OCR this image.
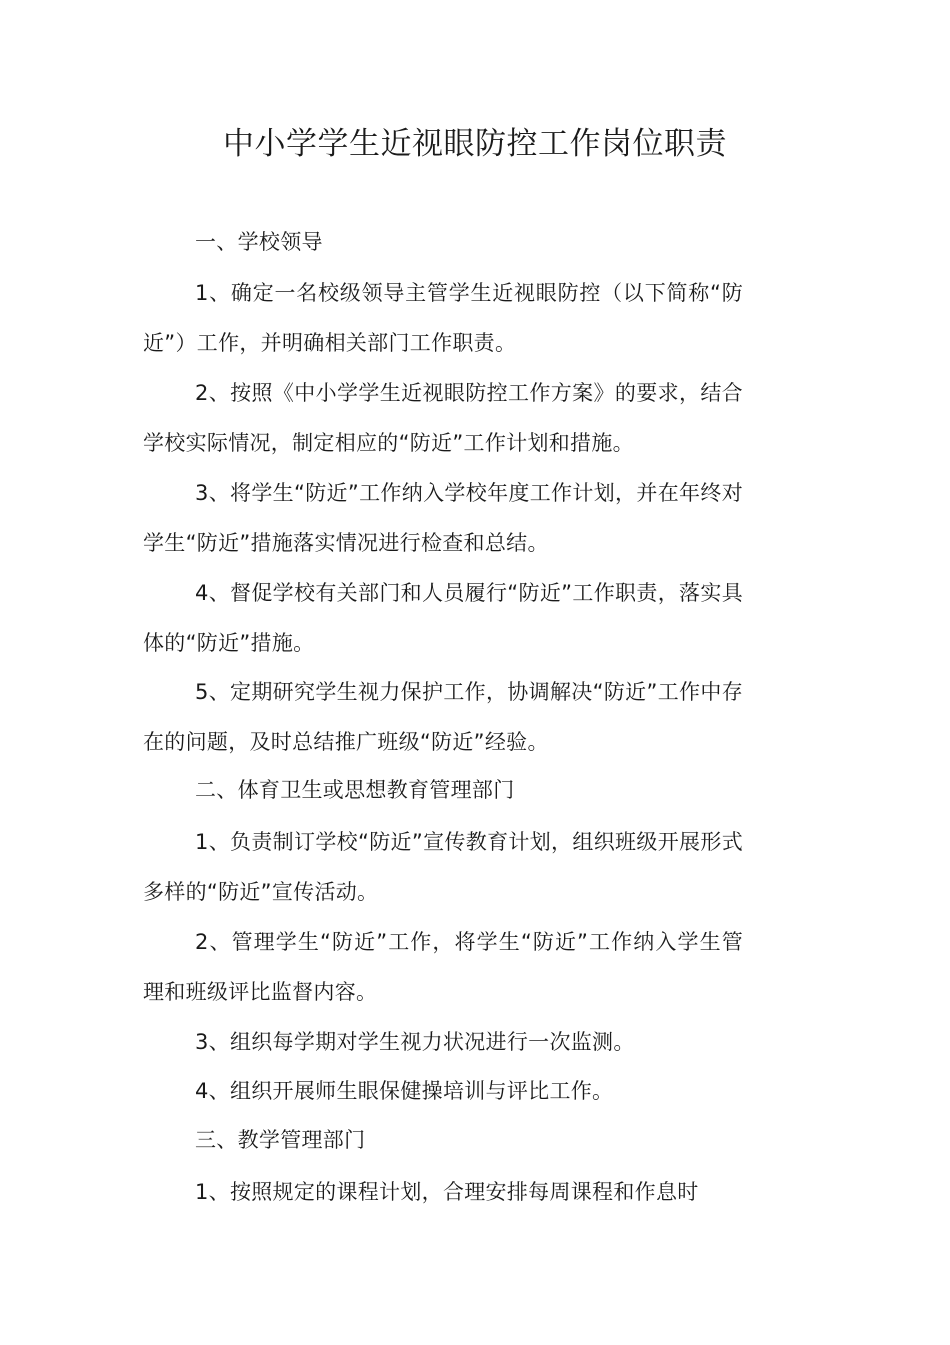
中小学学生近视眼防控工作岗位职责

一、学校领导

1、确定一名校级领导主管学生近视眼防控（以下简称“防近”）工作，并明确相关部门工作职责。

2、按照《中小学学生近视眼防控工作方案》的要求，结合学校实际情况，制定相应的“防近”工作计划和措施。

3、将学生“防近”工作纳入学校年度工作计划，并在年终对学生“防近”措施落实情况进行检查和总结。

4、督促学校有关部门和人员履行“防近”工作职责，落实具体的“防近”措施。

5、定期研究学生视力保护工作，协调解决“防近”工作中存在的问题，及时总结推广班级“防近”经验。

二、体育卫生或思想教育管理部门

1、负责制订学校“防近”宣传教育计划，组织班级开展形式多样的“防近”宣传活动。

2、管理学生“防近”工作，将学生“防近”工作纳入学生管理和班级评比监督内容。

3、组织每学期对学生视力状况进行一次监测。

4、组织开展师生眼保健操培训与评比工作。

三、教学管理部门

1、按照规定的课程计划，合理安排每周课程和作息时
